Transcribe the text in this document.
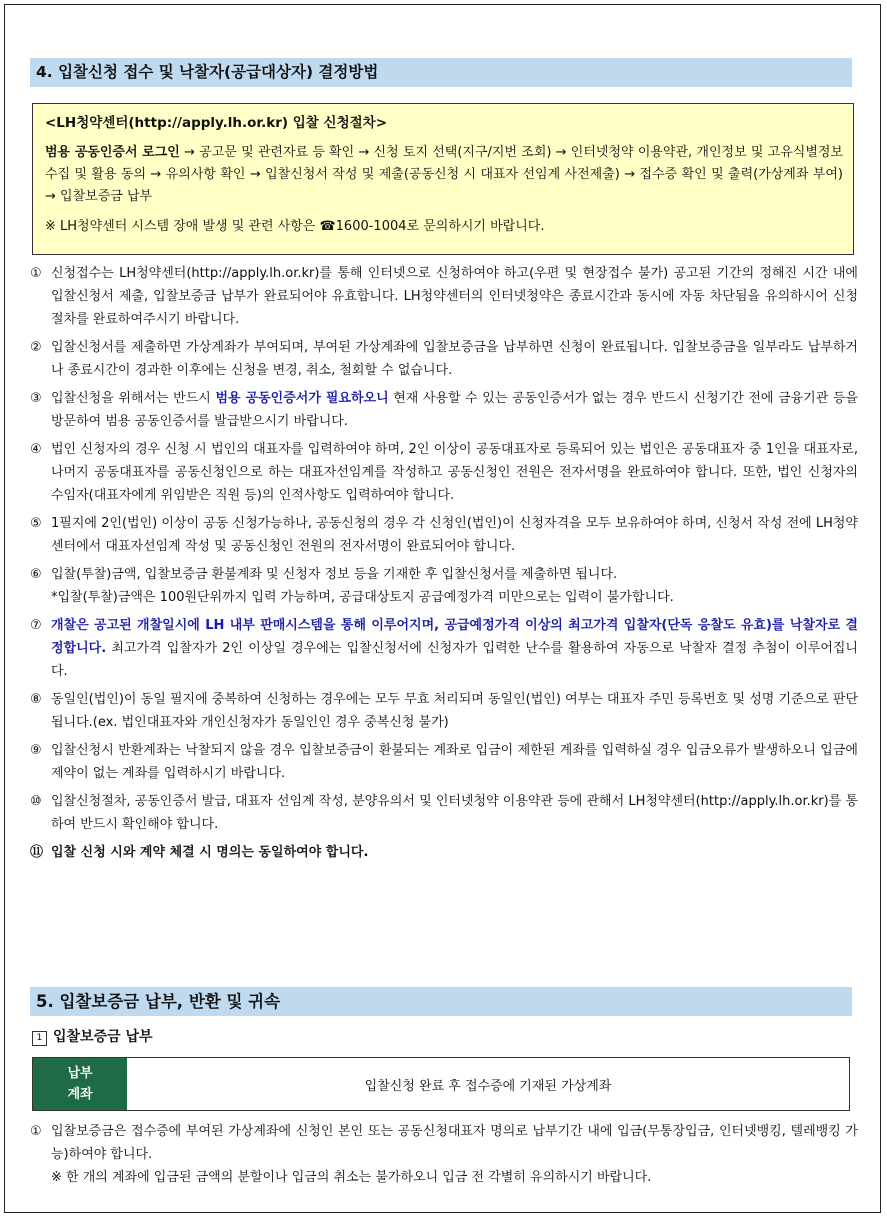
4. 입찰신청 접수 및 낙찰자(공급대상자) 결정방법
<LH청약센터(http://apply.lh.or.kr) 입찰 신청절차>
범용 공동인증서 로그인 → 공고문 및 관련자료 등 확인 → 신청 토지 선택(지구/지번 조회) → 인터넷청약 이용약관, 개인정보 및 고유식별정보 수집 및 활용 동의 → 유의사항 확인 → 입찰신청서 작성 및 제출(공동신청 시 대표자 선임계 사전제출) → 접수증 확인 및 출력(가상계좌 부여) → 입찰보증금 납부
※ LH청약센터 시스템 장애 발생 및 관련 사항은 ☎1600-1004로 문의하시기 바랍니다.
① 신청접수는 LH청약센터(http://apply.lh.or.kr)를 통해 인터넷으로 신청하여야 하고(우편 및 현장접수 불가) 공고된 기간의 정해진 시간 내에 입찰신청서 제출, 입찰보증금 납부가 완료되어야 유효합니다. LH청약센터의 인터넷청약은 종료시간과 동시에 자동 차단됨을 유의하시어 신청절차를 완료하여주시기 바랍니다.
② 입찰신청서를 제출하면 가상계좌가 부여되며, 부여된 가상계좌에 입찰보증금을 납부하면 신청이 완료됩니다. 입찰보증금을 일부라도 납부하거나 종료시간이 경과한 이후에는 신청을 변경, 취소, 철회할 수 없습니다.
③ 입찰신청을 위해서는 반드시 범용 공동인증서가 필요하오니 현재 사용할 수 있는 공동인증서가 없는 경우 반드시 신청기간 전에 금융기관 등을 방문하여 범용 공동인증서를 발급받으시기 바랍니다.
④ 법인 신청자의 경우 신청 시 법인의 대표자를 입력하여야 하며, 2인 이상이 공동대표자로 등록되어 있는 법인은 공동대표자 중 1인을 대표자로, 나머지 공동대표자를 공동신청인으로 하는 대표자선임계를 작성하고 공동신청인 전원은 전자서명을 완료하여야 합니다. 또한, 법인 신청자의 수임자(대표자에게 위임받은 직원 등)의 인적사항도 입력하여야 합니다.
⑤ 1필지에 2인(법인) 이상이 공동 신청가능하나, 공동신청의 경우 각 신청인(법인)이 신청자격을 모두 보유하여야 하며, 신청서 작성 전에 LH청약센터에서 대표자선임계 작성 및 공동신청인 전원의 전자서명이 완료되어야 합니다.
⑥ 입찰(투찰)금액, 입찰보증금 환불계좌 및 신청자 정보 등을 기재한 후 입찰신청서를 제출하면 됩니다.
*입찰(투찰)금액은 100원단위까지 입력 가능하며, 공급대상토지 공급예정가격 미만으로는 입력이 불가합니다.
⑦ 개찰은 공고된 개찰일시에 LH 내부 판매시스템을 통해 이루어지며, 공급예정가격 이상의 최고가격 입찰자(단독 응찰도 유효)를 낙찰자로 결정합니다. 최고가격 입찰자가 2인 이상일 경우에는 입찰신청서에 신청자가 입력한 난수를 활용하여 자동으로 낙찰자 결정 추첨이 이루어집니다.
⑧ 동일인(법인)이 동일 필지에 중복하여 신청하는 경우에는 모두 무효 처리되며 동일인(법인) 여부는 대표자 주민 등록번호 및 성명 기준으로 판단됩니다.(ex. 법인대표자와 개인신청자가 동일인인 경우 중복신청 불가)
⑨ 입찰신청시 반환계좌는 낙찰되지 않을 경우 입찰보증금이 환불되는 계좌로 입금이 제한된 계좌를 입력하실 경우 입금오류가 발생하오니 입금에 제약이 없는 계좌를 입력하시기 바랍니다.
⑩ 입찰신청절차, 공동인증서 발급, 대표자 선임계 작성, 분양유의서 및 인터넷청약 이용약관 등에 관해서 LH청약센터(http://apply.lh.or.kr)를 통하여 반드시 확인해야 합니다.
⑪ 입찰 신청 시와 계약 체결 시 명의는 동일하여야 합니다.
5. 입찰보증금 납부, 반환 및 귀속
1 입찰보증금 납부
납부
계좌
입찰신청 완료 후 접수증에 기재된 가상계좌
① 입찰보증금은 접수증에 부여된 가상계좌에 신청인 본인 또는 공동신청대표자 명의로 납부기간 내에 입금(무통장입금, 인터넷뱅킹, 텔레뱅킹 가능)하여야 합니다.
※ 한 개의 계좌에 입금된 금액의 분할이나 입금의 취소는 불가하오니 입금 전 각별히 유의하시기 바랍니다.
